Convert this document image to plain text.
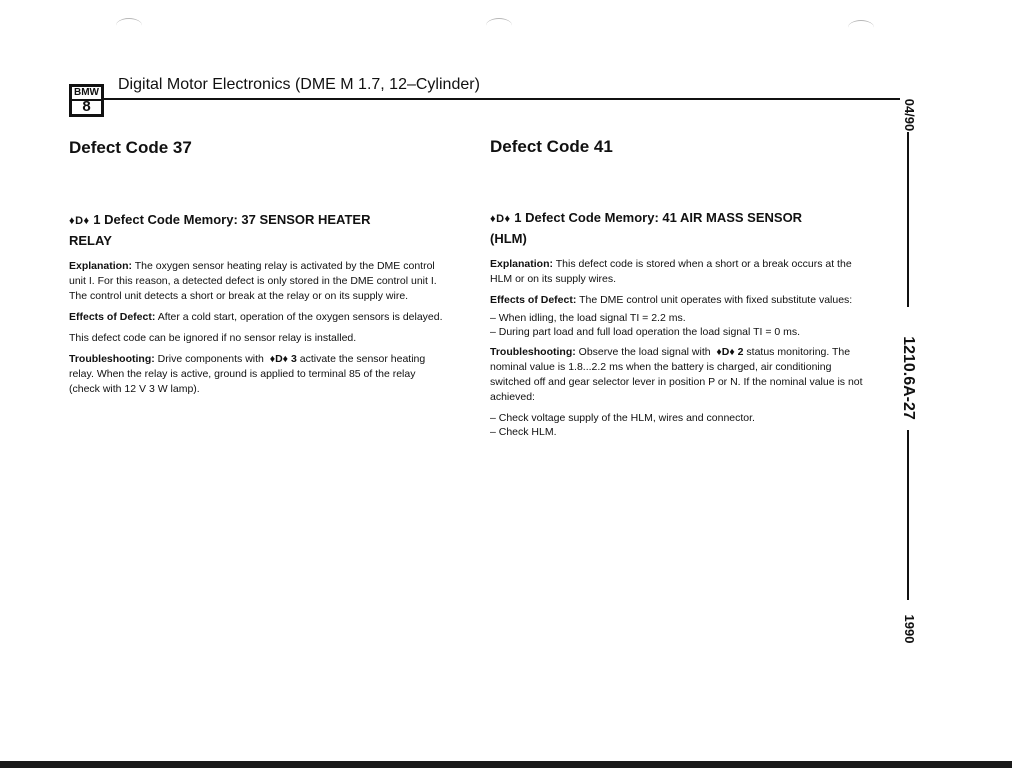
BMW
8
Digital Motor Electronics (DME M 1.7, 12–Cylinder)
04/90
1210.6A-27
1990
Defect Code 37
♦D♦ 1 Defect Code Memory: 37 SENSOR HEATER
RELAY

Explanation: The oxygen sensor heating relay is activated by the DME control unit I. For this reason, a detected defect is only stored in the DME control unit I. The control unit detects a short or break at the relay or on its supply wire.

Effects of Defect: After a cold start, operation of the oxygen sensors is delayed.

This defect code can be ignored if no sensor relay is installed.

Troubleshooting: Drive components with ♦D♦ 3 activate the sensor heating relay. When the relay is active, ground is applied to terminal 85 of the relay (check with 12 V 3 W lamp).

Defect Code 41
♦D♦ 1 Defect Code Memory: 41 AIR MASS SENSOR
(HLM)

Explanation: This defect code is stored when a short or a break occurs at the HLM or on its supply wires.

Effects of Defect: The DME control unit operates with fixed substitute values:

– When idling, the load signal TI = 2.2 ms.

– During part load and full load operation the load signal TI = 0 ms.

Troubleshooting: Observe the load signal with ♦D♦ 2 status monitoring. The nominal value is 1.8...2.2 ms when the battery is charged, air conditioning switched off and gear selector lever in position P or N. If the nominal value is not achieved:

– Check voltage supply of the HLM, wires and connector.

– Check HLM.
